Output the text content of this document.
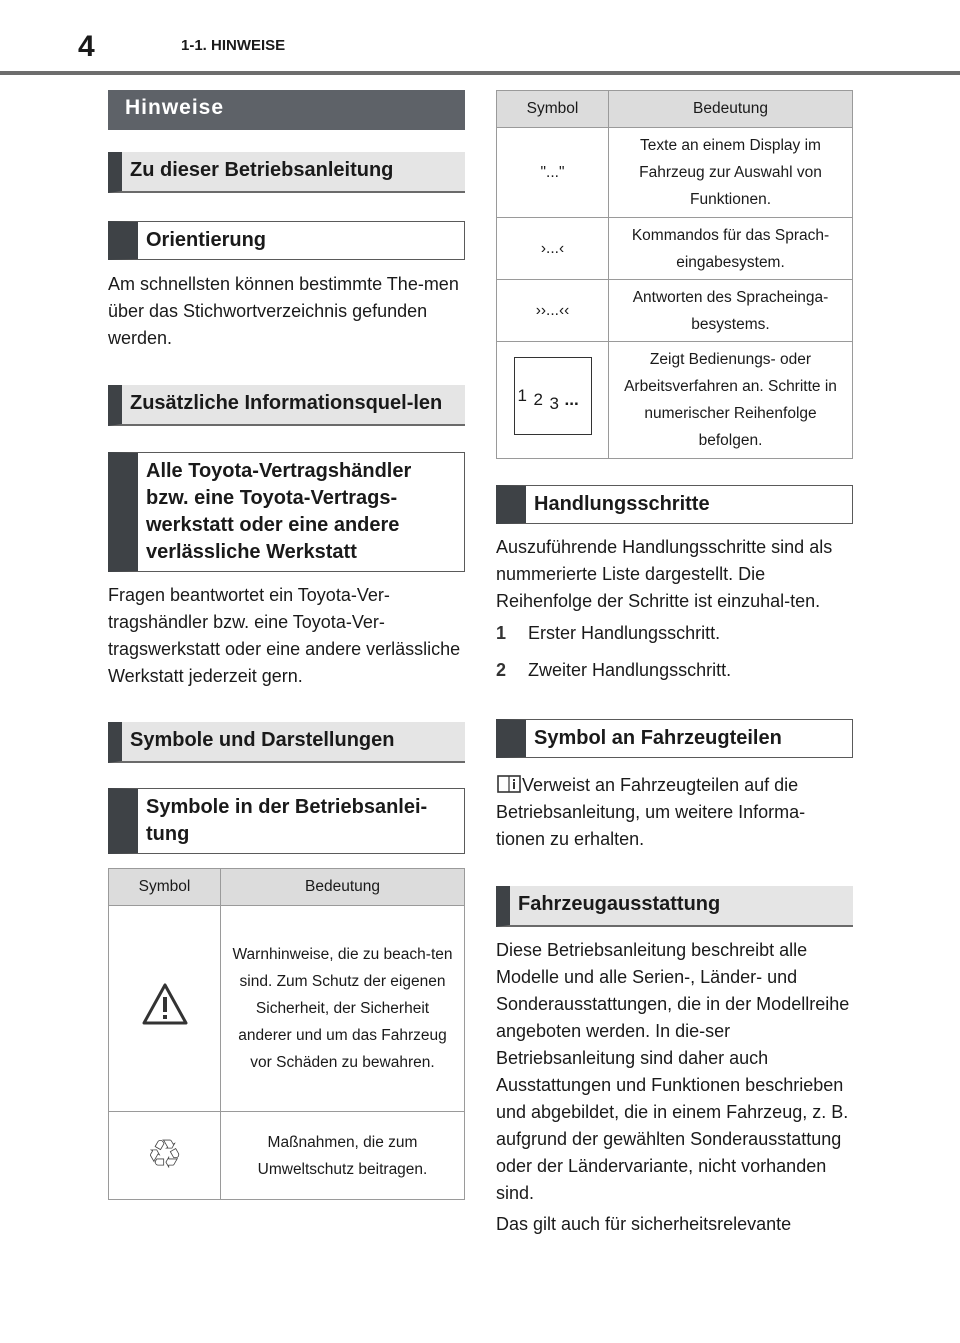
4	1-1. HINWEISE
Hinweise
Zu dieser Betriebsanleitung
Orientierung

Am schnellsten können bestimmte The-men über das Stichwortverzeichnis gefunden werden.

Zusätzliche Informationsquel-len
Alle Toyota-Vertragshändler bzw. eine Toyota-Vertrags-werkstatt oder eine andere verlässliche Werkstatt

Fragen beantwortet ein Toyota-Ver-tragshändler bzw. eine Toyota-Ver-tragswerkstatt oder eine andere verlässliche Werkstatt jederzeit gern.

Symbole und Darstellungen
Symbole in der Betriebsanlei-tung
Symbol	Bedeutung
	Warnhinweise, die zu beach-ten sind. Zum Schutz der eigenen Sicherheit, der Sicherheit anderer und um das Fahrzeug vor Schäden zu bewahren.
♲	Maßnahmen, die zum Umweltschutz beitragen.
Symbol	Bedeutung
"..."	Texte an einem Display im Fahrzeug zur Auswahl von Funktionen.
›...‹	Kommandos für das Sprach-eingabesystem.
››...‹‹	Antworten des Spracheinga-besystems.

1 2 3 ...	Zeigt Bedienungs- oder Arbeitsverfahren an. Schritte in numerischer Reihenfolge befolgen.
Handlungsschritte

Auszuführende Handlungsschritte sind als nummerierte Liste dargestellt. Die Reihenfolge der Schritte ist einzuhal-ten.

1	Erster Handlungsschritt.
2	Zweiter Handlungsschritt.
Symbol an Fahrzeugteilen

Verweist an Fahrzeugteilen auf die Betriebsanleitung, um weitere Informa-tionen zu erhalten.

Fahrzeugausstattung

Diese Betriebsanleitung beschreibt alle Modelle und alle Serien-, Länder- und Sonderausstattungen, die in der Modellreihe angeboten werden. In die-ser Betriebsanleitung sind daher auch Ausstattungen und Funktionen beschrieben und abgebildet, die in einem Fahrzeug, z. B. aufgrund der gewählten Sonderausstattung oder der Ländervariante, nicht vorhanden sind.

Das gilt auch für sicherheitsrelevante
